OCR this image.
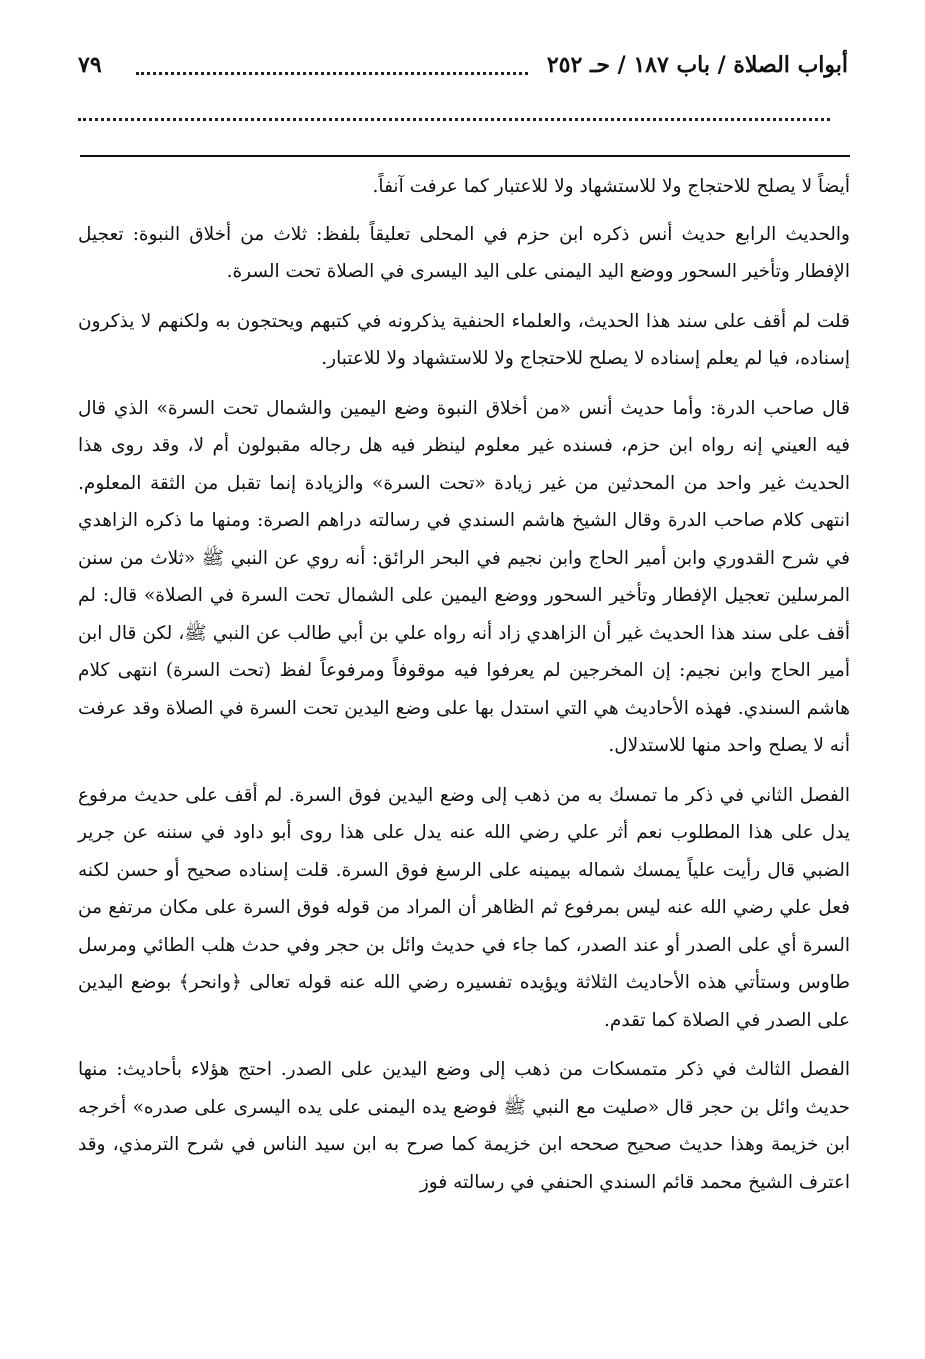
أبواب الصلاة / باب ١٨٧ / حـ ٢٥٢
٧٩

أيضاً لا يصلح للاحتجاج ولا للاستشهاد ولا للاعتبار كما عرفت آنفاً.

والحديث الرابع حديث أنس ذكره ابن حزم في المحلى تعليقاً بلفظ: ثلاث من أخلاق النبوة: تعجيل الإفطار وتأخير السحور ووضع اليد اليمنى على اليد اليسرى في الصلاة تحت السرة.

قلت لم أقف على سند هذا الحديث، والعلماء الحنفية يذكرونه في كتبهم ويحتجون به ولكنهم لا يذكرون إسناده، فيا لم يعلم إسناده لا يصلح للاحتجاج ولا للاستشهاد ولا للاعتبار.

قال صاحب الدرة: وأما حديث أنس «من أخلاق النبوة وضع اليمين والشمال تحت السرة» الذي قال فيه العيني إنه رواه ابن حزم، فسنده غير معلوم لينظر فيه هل رجاله مقبولون أم لا، وقد روى هذا الحديث غير واحد من المحدثين من غير زيادة «تحت السرة» والزيادة إنما تقبل من الثقة المعلوم. انتهى كلام صاحب الدرة وقال الشيخ هاشم السندي في رسالته دراهم الصرة: ومنها ما ذكره الزاهدي في شرح القدوري وابن أمير الحاج وابن نجيم في البحر الرائق: أنه روي عن النبي ﷺ «ثلاث من سنن المرسلين تعجيل الإفطار وتأخير السحور ووضع اليمين على الشمال تحت السرة في الصلاة» قال: لم أقف على سند هذا الحديث غير أن الزاهدي زاد أنه رواه علي بن أبي طالب عن النبي ﷺ، لكن قال ابن أمير الحاج وابن نجيم: إن المخرجين لم يعرفوا فيه موقوفاً ومرفوعاً لفظ (تحت السرة) انتهى كلام هاشم السندي. فهذه الأحاديث هي التي استدل بها على وضع اليدين تحت السرة في الصلاة وقد عرفت أنه لا يصلح واحد منها للاستدلال.

الفصل الثاني في ذكر ما تمسك به من ذهب إلى وضع اليدين فوق السرة. لم أقف على حديث مرفوع يدل على هذا المطلوب نعم أثر علي رضي الله عنه يدل على هذا روى أبو داود في سننه عن جرير الضبي قال رأيت علياً يمسك شماله بيمينه على الرسغ فوق السرة. قلت إسناده صحيح أو حسن لكنه فعل علي رضي الله عنه ليس بمرفوع ثم الظاهر أن المراد من قوله فوق السرة على مكان مرتفع من السرة أي على الصدر أو عند الصدر، كما جاء في حديث وائل بن حجر وفي حدث هلب الطائي ومرسل طاوس وستأتي هذه الأحاديث الثلاثة ويؤيده تفسيره رضي الله عنه قوله تعالى ﴿وانحر﴾ بوضع اليدين على الصدر في الصلاة كما تقدم.

الفصل الثالث في ذكر متمسكات من ذهب إلى وضع اليدين على الصدر. احتج هؤلاء بأحاديث: منها حديث وائل بن حجر قال «صليت مع النبي ﷺ فوضع يده اليمنى على يده اليسرى على صدره» أخرجه ابن خزيمة وهذا حديث صحيح صححه ابن خزيمة كما صرح به ابن سيد الناس في شرح الترمذي، وقد اعترف الشيخ محمد قائم السندي الحنفي في رسالته فوز
